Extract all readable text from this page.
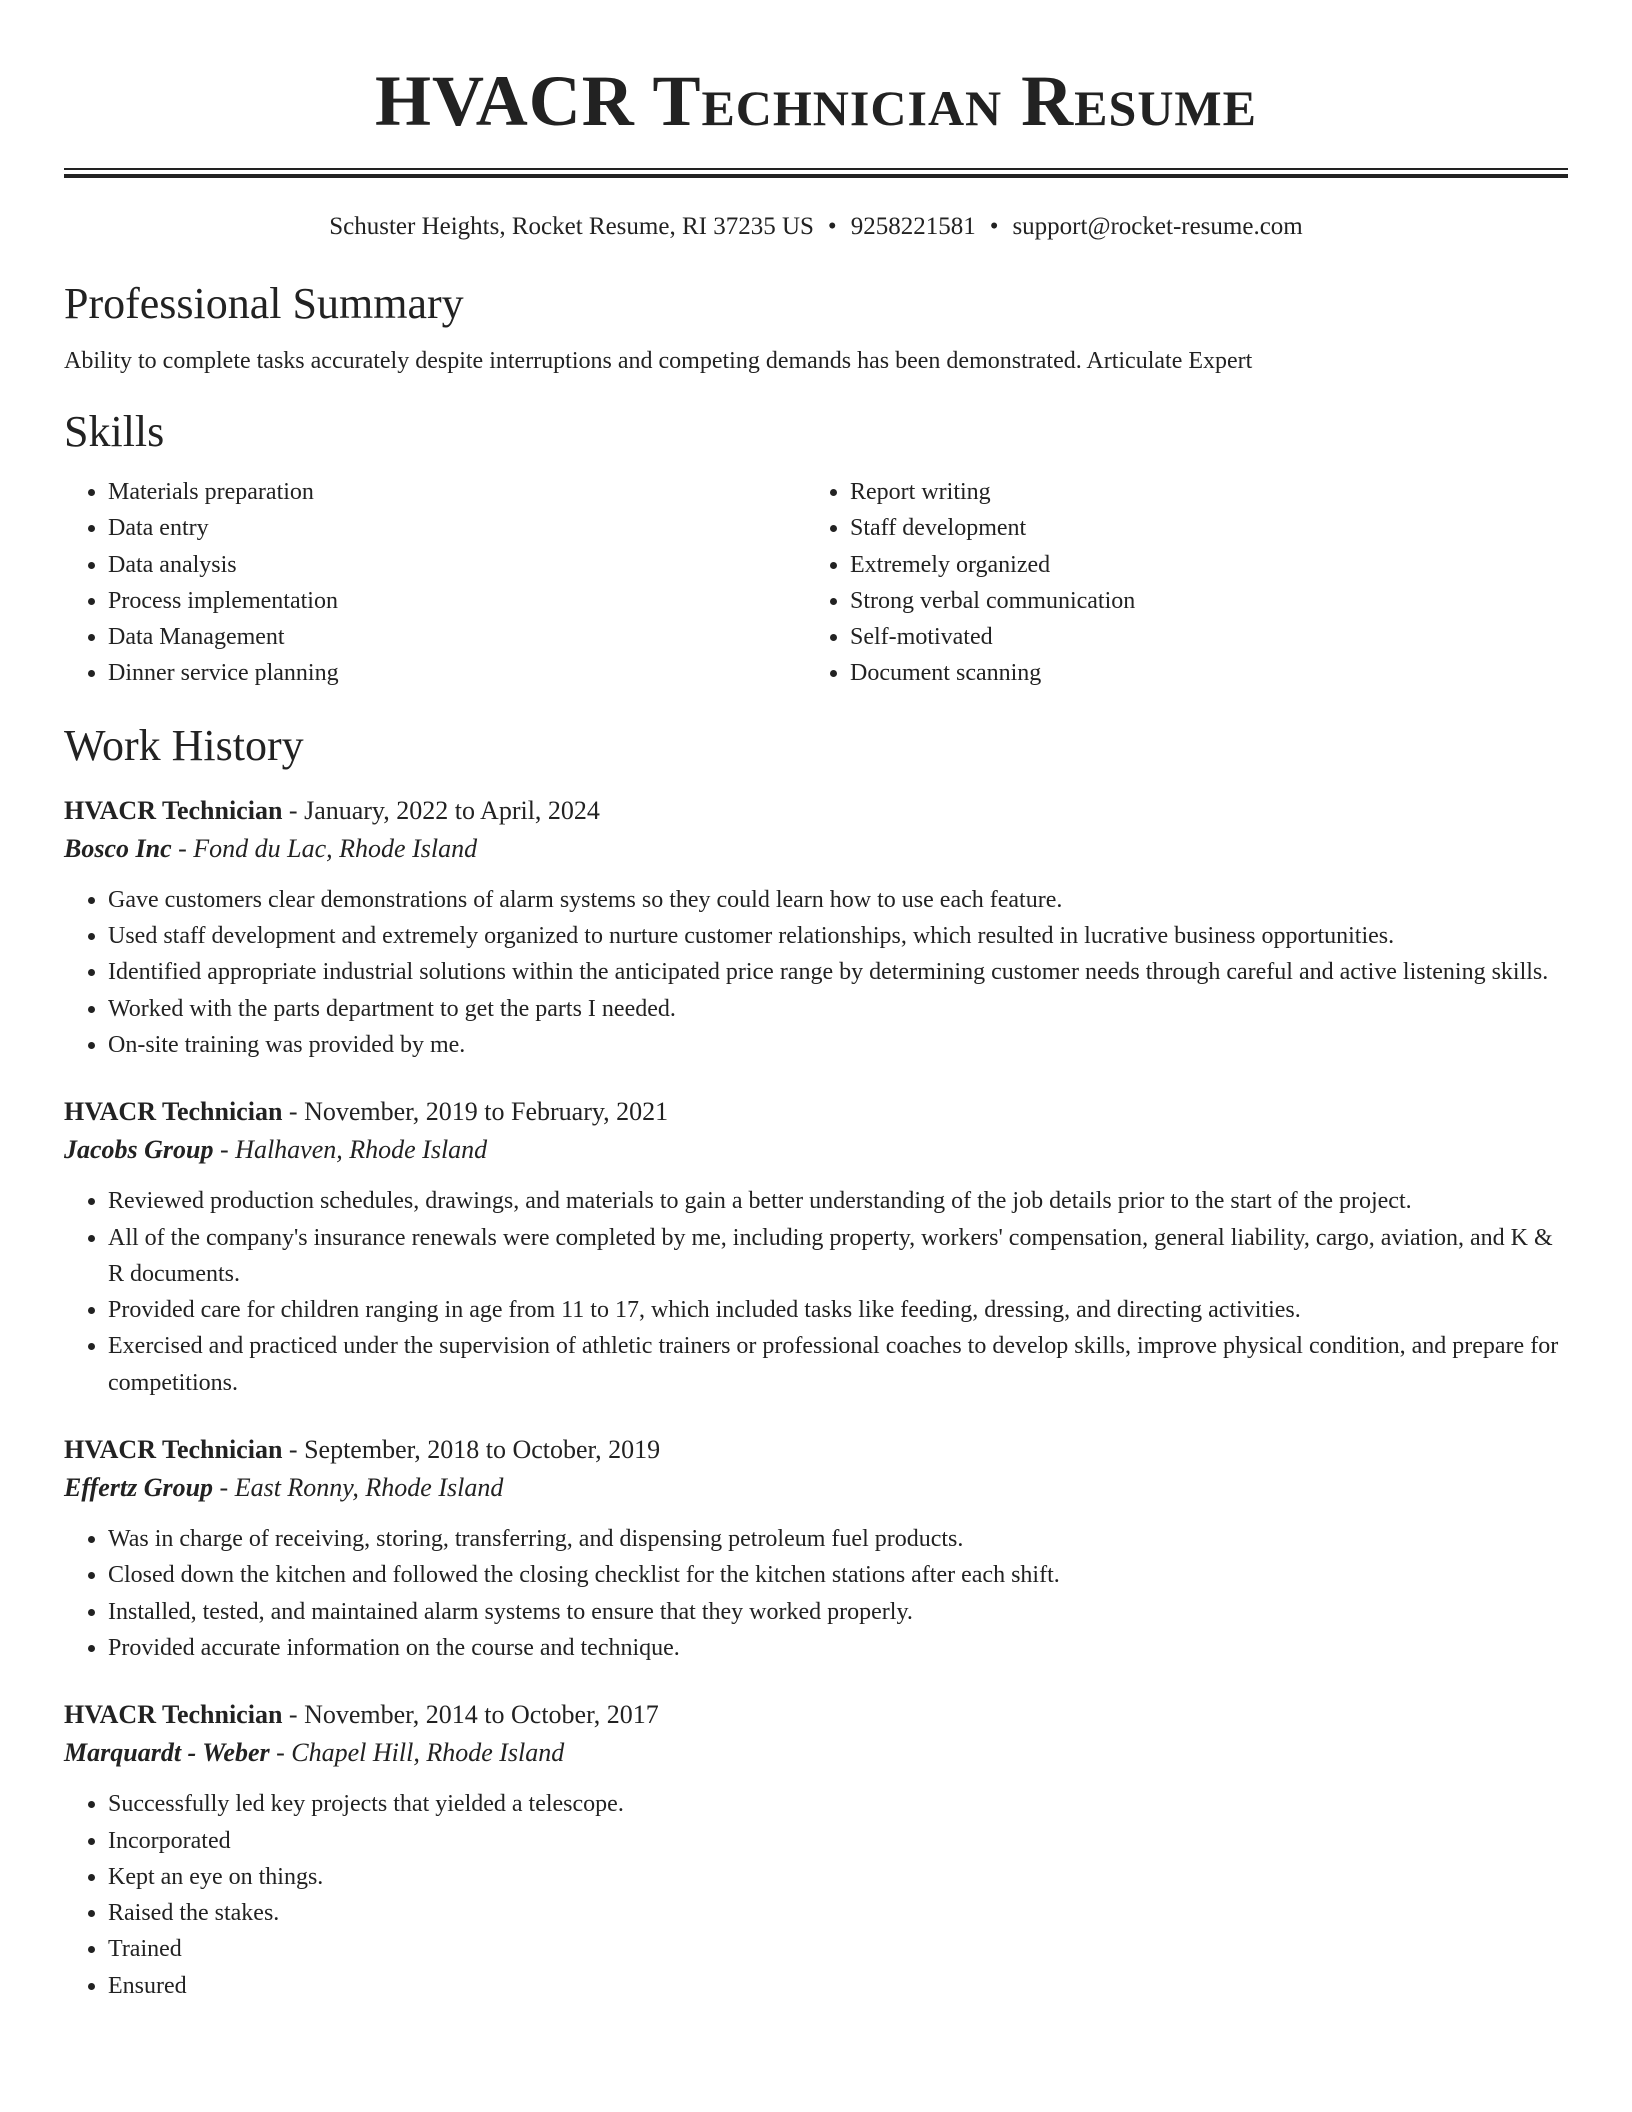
HVACR Technician Resume
Schuster Heights, Rocket Resume, RI 37235 US • 9258221581 • support@rocket-resume.com
Professional Summary

Ability to complete tasks accurately despite interruptions and competing demands has been demonstrated. Articulate Expert

Skills
• Materials preparation
• Data entry
• Data analysis
• Process implementation
• Data Management
• Dinner service planning
• Report writing
• Staff development
• Extremely organized
• Strong verbal communication
• Self-motivated
• Document scanning
Work History
HVACR Technician - January, 2022 to April, 2024
Bosco Inc - Fond du Lac, Rhode Island
• Gave customers clear demonstrations of alarm systems so they could learn how to use each feature.
• Used staff development and extremely organized to nurture customer relationships, which resulted in lucrative business opportunities.
• Identified appropriate industrial solutions within the anticipated price range by determining customer needs through careful and active listening skills.
• Worked with the parts department to get the parts I needed.
• On-site training was provided by me.
HVACR Technician - November, 2019 to February, 2021
Jacobs Group - Halhaven, Rhode Island
• Reviewed production schedules, drawings, and materials to gain a better understanding of the job details prior to the start of the project.
• All of the company's insurance renewals were completed by me, including property, workers' compensation, general liability, cargo, aviation, and K & R documents.
• Provided care for children ranging in age from 11 to 17, which included tasks like feeding, dressing, and directing activities.
• Exercised and practiced under the supervision of athletic trainers or professional coaches to develop skills, improve physical condition, and prepare for competitions.
HVACR Technician - September, 2018 to October, 2019
Effertz Group - East Ronny, Rhode Island
• Was in charge of receiving, storing, transferring, and dispensing petroleum fuel products.
• Closed down the kitchen and followed the closing checklist for the kitchen stations after each shift.
• Installed, tested, and maintained alarm systems to ensure that they worked properly.
• Provided accurate information on the course and technique.
HVACR Technician - November, 2014 to October, 2017
Marquardt - Weber - Chapel Hill, Rhode Island
• Successfully led key projects that yielded a telescope.
• Incorporated
• Kept an eye on things.
• Raised the stakes.
• Trained
• Ensured
